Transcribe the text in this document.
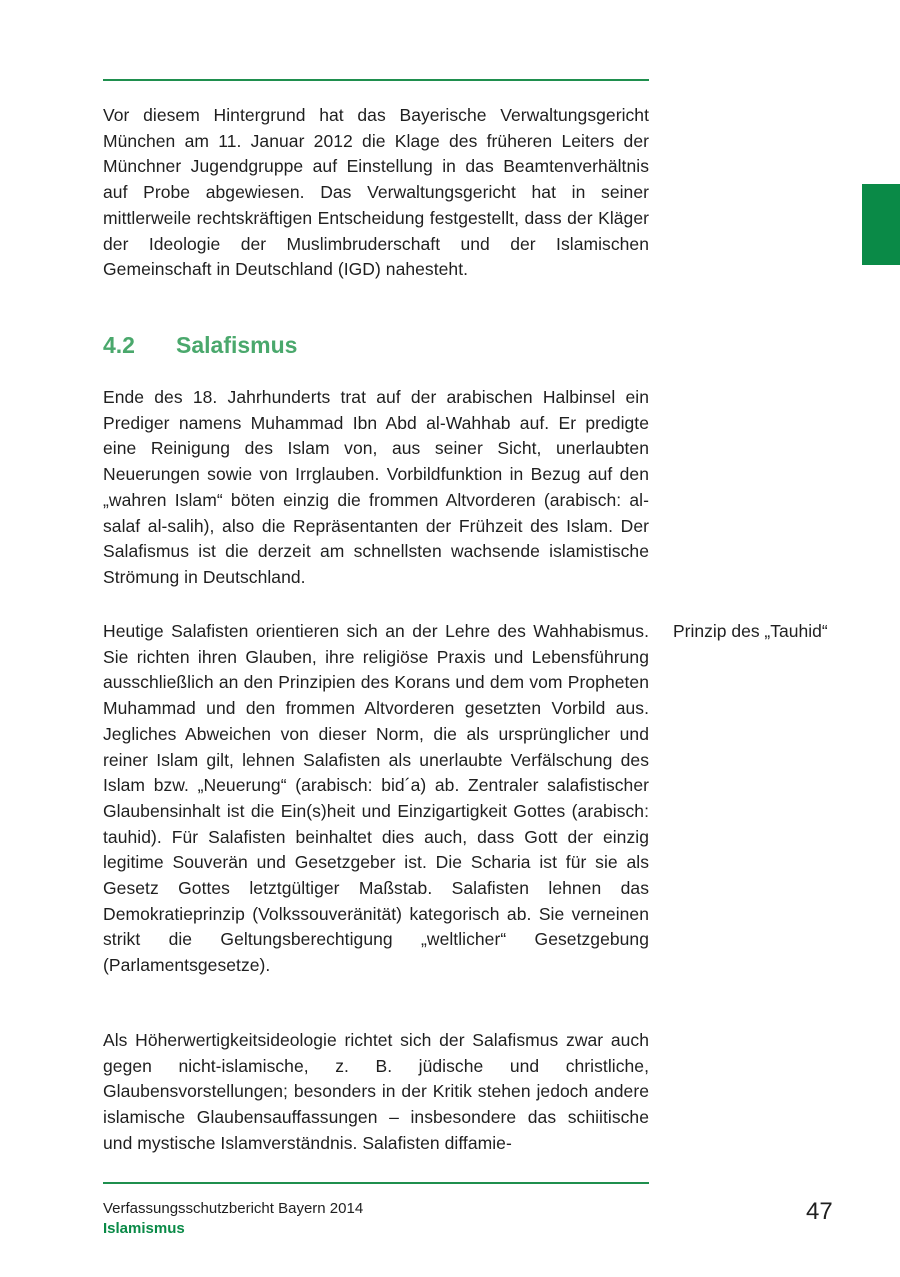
Vor diesem Hintergrund hat das Bayerische Verwaltungsgericht München am 11. Januar 2012 die Klage des früheren Leiters der Münchner Jugendgruppe auf Einstellung in das Beamtenverhältnis auf Probe abgewiesen. Das Verwaltungsgericht hat in seiner mittlerweile rechtskräftigen Entscheidung festgestellt, dass der Kläger der Ideologie der Muslimbruderschaft und der Islamischen Gemeinschaft in Deutschland (IGD) nahesteht.

4.2 Salafismus

Ende des 18. Jahrhunderts trat auf der arabischen Halbinsel ein Prediger namens Muhammad Ibn Abd al-Wahhab auf. Er predigte eine Reinigung des Islam von, aus seiner Sicht, unerlaubten Neuerungen sowie von Irrglauben. Vorbildfunktion in Bezug auf den „wahren Islam“ böten einzig die frommen Altvorderen (arabisch: al-salaf al-salih), also die Repräsentanten der Frühzeit des Islam. Der Salafismus ist die derzeit am schnellsten wachsende islamistische Strömung in Deutschland.

Heutige Salafisten orientieren sich an der Lehre des Wahhabismus. Sie richten ihren Glauben, ihre religiöse Praxis und Lebensführung ausschließlich an den Prinzipien des Korans und dem vom Propheten Muhammad und den frommen Altvorderen gesetzten Vorbild aus. Jegliches Abweichen von dieser Norm, die als ursprünglicher und reiner Islam gilt, lehnen Salafisten als unerlaubte Verfälschung des Islam bzw. „Neuerung“ (arabisch: bid´a) ab. Zentraler salafistischer Glaubensinhalt ist die Ein(s)heit und Einzigartigkeit Gottes (arabisch: tauhid). Für Salafisten beinhaltet dies auch, dass Gott der einzig legitime Souverän und Gesetzgeber ist. Die Scharia ist für sie als Gesetz Gottes letztgültiger Maßstab. Salafisten lehnen das Demokratieprinzip (Volkssouveränität) kategorisch ab. Sie verneinen strikt die Geltungsberechtigung „weltlicher“ Gesetzgebung (Parlamentsgesetze).

Prinzip des „Tauhid“

Als Höherwertigkeitsideologie richtet sich der Salafismus zwar auch gegen nicht-islamische, z. B. jüdische und christliche, Glaubensvorstellungen; besonders in der Kritik stehen jedoch andere islamische Glaubensauffassungen – insbesondere das schiitische und mystische Islamverständnis. Salafisten diffamie-

Verfassungsschutzbericht Bayern 2014
Islamismus
47
